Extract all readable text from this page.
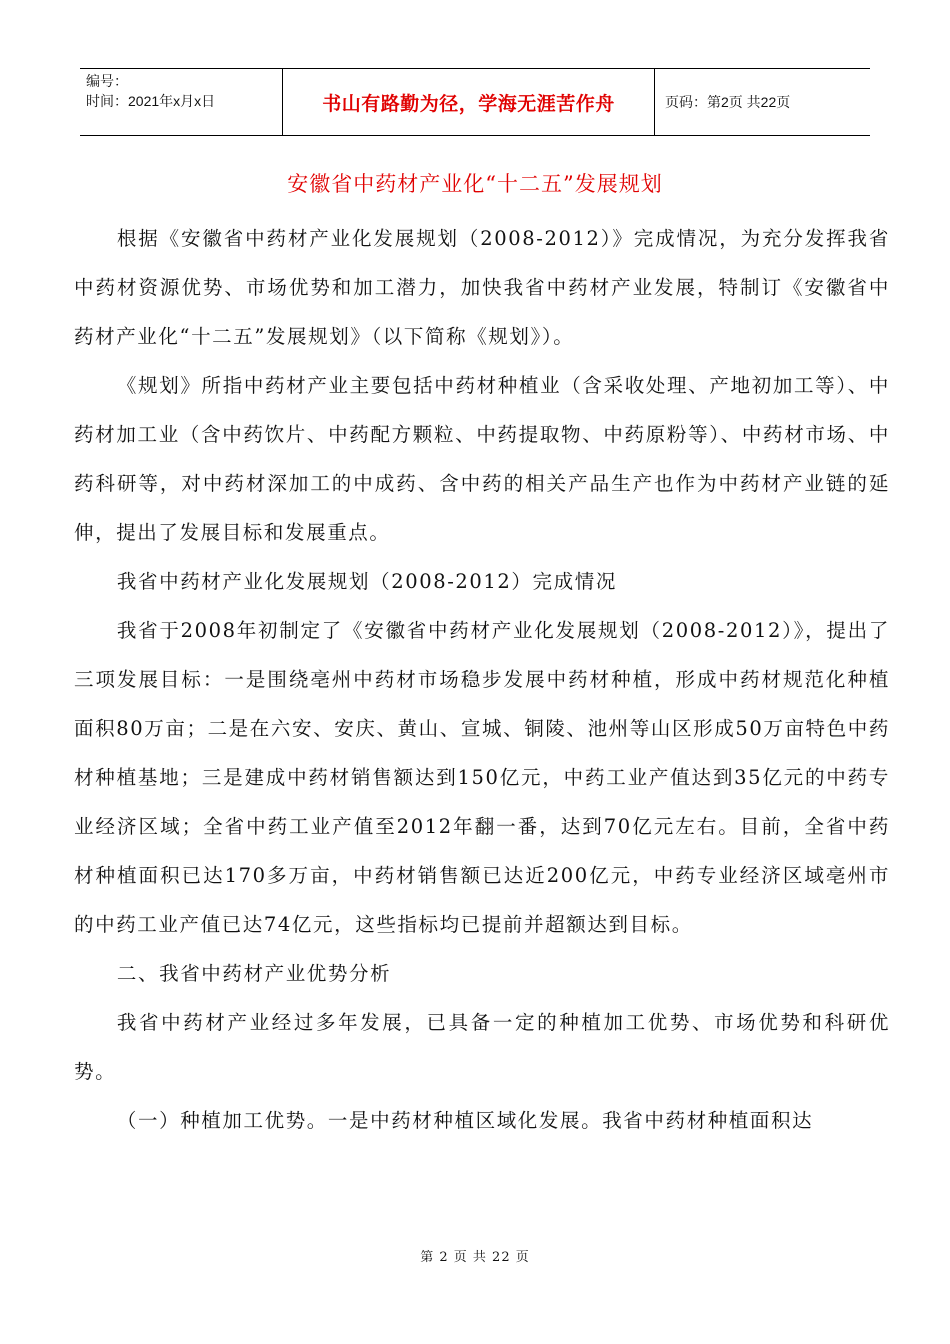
编号：
时间：2021年x月x日	书山有路勤为径，学海无涯苦作舟	页码：第2页 共22页
安徽省中药材产业化“十二五”发展规划

根据《安徽省中药材产业化发展规划（2008-2012）》完成情况，为充分发挥我省中药材资源优势、市场优势和加工潜力，加快我省中药材产业发展，特制订《安徽省中药材产业化“十二五”发展规划》（以下简称《规划》）。

《规划》所指中药材产业主要包括中药材种植业（含采收处理、产地初加工等）、中药材加工业（含中药饮片、中药配方颗粒、中药提取物、中药原粉等）、中药材市场、中药科研等，对中药材深加工的中成药、含中药的相关产品生产也作为中药材产业链的延伸，提出了发展目标和发展重点。

我省中药材产业化发展规划（2008-2012）完成情况

我省于2008年初制定了《安徽省中药材产业化发展规划（2008-2012）》，提出了三项发展目标：一是围绕亳州中药材市场稳步发展中药材种植，形成中药材规范化种植面积80万亩；二是在六安、安庆、黄山、宣城、铜陵、池州等山区形成50万亩特色中药材种植基地；三是建成中药材销售额达到150亿元，中药工业产值达到35亿元的中药专业经济区域；全省中药工业产值至2012年翻一番，达到70亿元左右。目前，全省中药材种植面积已达170多万亩，中药材销售额已达近200亿元，中药专业经济区域亳州市的中药工业产值已达74亿元，这些指标均已提前并超额达到目标。

二、我省中药材产业优势分析

我省中药材产业经过多年发展，已具备一定的种植加工优势、市场优势和科研优势。

（一）种植加工优势。一是中药材种植区域化发展。我省中药材种植面积达

第 2 页 共 22 页
